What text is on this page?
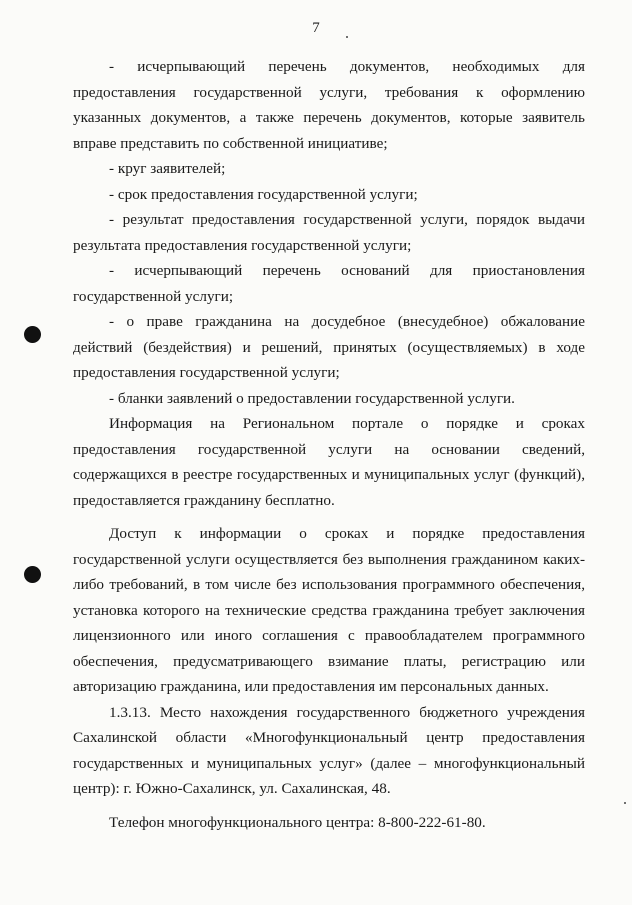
7

- исчерпывающий перечень документов, необходимых для предоставления государственной услуги, требования к оформлению указанных документов, а также перечень документов, которые заявитель вправе представить по собственной инициативе;

- круг заявителей;

- срок предоставления государственной услуги;

- результат предоставления государственной услуги, порядок выдачи результата предоставления государственной услуги;

- исчерпывающий перечень оснований для приостановления государственной услуги;

- о праве гражданина на досудебное (внесудебное) обжалование действий (бездействия) и решений, принятых (осуществляемых) в ходе предоставления государственной услуги;

- бланки заявлений о предоставлении государственной услуги.

Информация на Региональном портале о порядке и сроках предоставления государственной услуги на основании сведений, содержащихся в реестре государственных и муниципальных услуг (функций), предоставляется гражданину бесплатно.

Доступ к информации о сроках и порядке предоставления государственной услуги осуществляется без выполнения гражданином каких-либо требований, в том числе без использования программного обеспечения, установка которого на технические средства гражданина требует заключения лицензионного или иного соглашения с правообладателем программного обеспечения, предусматривающего взимание платы, регистрацию или авторизацию гражданина, или предоставления им персональных данных.

1.3.13. Место нахождения государственного бюджетного учреждения Сахалинской области «Многофункциональный центр предоставления государственных и муниципальных услуг» (далее – многофункциональный центр): г. Южно-Сахалинск, ул. Сахалинская, 48.

Телефон многофункционального центра: 8-800-222-61-80.
